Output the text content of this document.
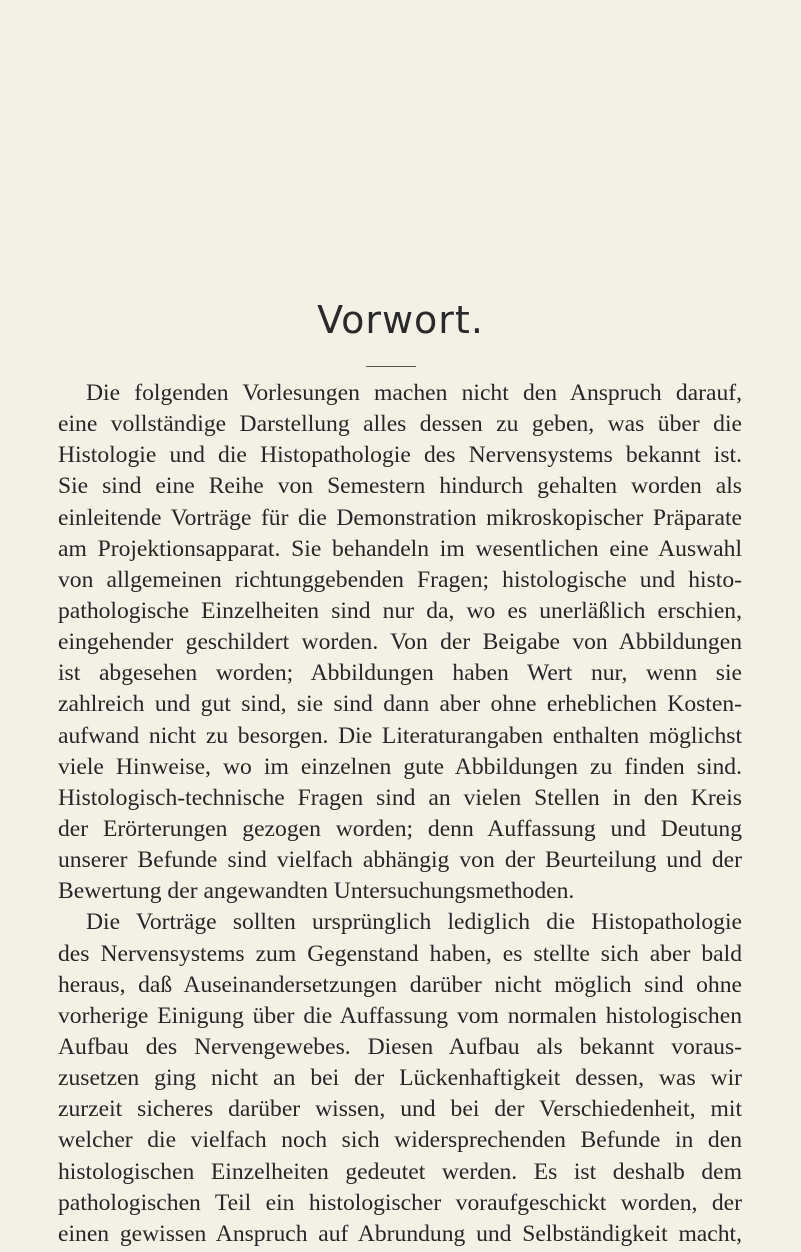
Vorwort.
Die folgenden Vorlesungen machen nicht den Anspruch darauf,
eine vollständige Darstellung alles dessen zu geben, was über die
Histologie und die Histopathologie des Nervensystems bekannt ist.
Sie sind eine Reihe von Semestern hindurch gehalten worden als
einleitende Vorträge für die Demonstration mikroskopischer Präparate
am Projektionsapparat. Sie behandeln im wesentlichen eine Auswahl
von allgemeinen richtunggebenden Fragen; histologische und histo-
pathologische Einzelheiten sind nur da, wo es unerläßlich erschien,
eingehender geschildert worden. Von der Beigabe von Abbildungen
ist abgesehen worden; Abbildungen haben Wert nur, wenn sie
zahlreich und gut sind, sie sind dann aber ohne erheblichen Kosten-
aufwand nicht zu besorgen. Die Literaturangaben enthalten möglichst
viele Hinweise, wo im einzelnen gute Abbildungen zu finden sind.
Histologisch-technische Fragen sind an vielen Stellen in den Kreis
der Erörterungen gezogen worden; denn Auffassung und Deutung
unserer Befunde sind vielfach abhängig von der Beurteilung und der
Bewertung der angewandten Untersuchungsmethoden.
Die Vorträge sollten ursprünglich lediglich die Histopathologie
des Nervensystems zum Gegenstand haben, es stellte sich aber bald
heraus, daß Auseinandersetzungen darüber nicht möglich sind ohne
vorherige Einigung über die Auffassung vom normalen histologischen
Aufbau des Nervengewebes. Diesen Aufbau als bekannt voraus-
zusetzen ging nicht an bei der Lückenhaftigkeit dessen, was wir
zurzeit sicheres darüber wissen, und bei der Verschiedenheit, mit
welcher die vielfach noch sich widersprechenden Befunde in den
histologischen Einzelheiten gedeutet werden. Es ist deshalb dem
pathologischen Teil ein histologischer voraufgeschickt worden, der
einen gewissen Anspruch auf Abrundung und Selbständigkeit macht,
